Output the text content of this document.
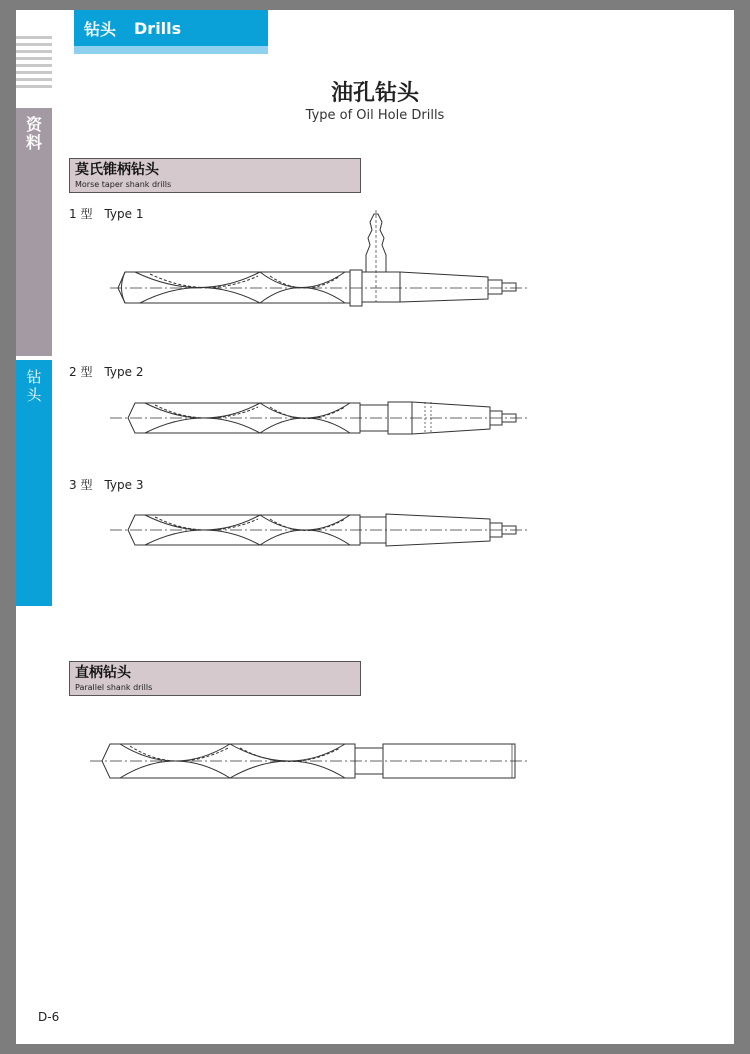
钻头 Drills
资
料
钻
头
油孔钻头
Type of Oil Hole Drills
莫氏锥柄钻头
Morse taper shank drills
1 型 Type 1
2 型 Type 2
3 型 Type 3
直柄钻头
Parallel shank drills
D-6
